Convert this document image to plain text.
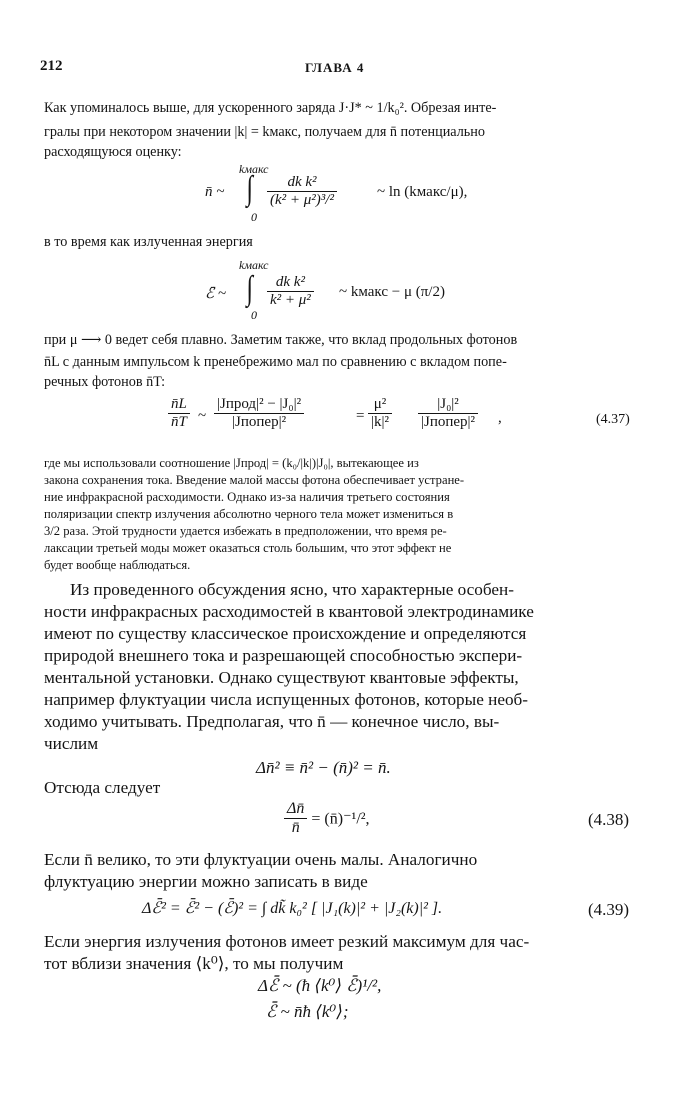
212	ГЛАВА 4
Как упоминалось выше, для ускоренного заряда J·J* ~ 1/k₀². Обрезая инте-
гралы при некотором значении |k| = kмакс, получаем для n̄ потенциально
расходящуюся оценку:
kмакс
0
n̄ ~ ∫ $\frac{\text{dk k²}}{\text{(k² + μ²)³/²}}$	~ ln (kмакс/μ),
в то время как излученная энергия
kмакс
0
ℰ̄ ~ ∫ $\frac{\text{dk k²}}{\text{k² + μ²}}$ ~ kмакс − μ (π/2)
при μ ⟶ 0 ведет себя плавно. Заметим также, что вклад продольных фотонов
n̄L с данным импульсом k пренебрежимо мал по сравнению с вкладом попе-
речных фотонов n̄T:
$\frac{n̄L}{n̄T}$ ~
|Jпрод|² − |J₀|²
|Jпопер|²	= $\frac{\text{μ²}}{\text{|k|²}}$	|J₀|²
|Jпопер|² ,	(4.37)
где мы использовали соотношение |Jпрод| = (k₀/|k|)|J₀|, вытекающее из
закона сохранения тока. Введение малой массы фотона обеспечивает устране-
ние инфракрасной расходимости. Однако из-за наличия третьего состояния
поляризации спектр излучения абсолютно черного тела может измениться в
3/2 раза. Этой трудности удается избежать в предположении, что время ре-
лаксации третьей моды может оказаться столь большим, что этот эффект не
будет вообще наблюдаться.
Из проведенного обсуждения ясно, что характерные особен-
ности инфракрасных расходимостей в квантовой электродинамике
имеют по существу классическое происхождение и определяются
природой внешнего тока и разрешающей способностью экспери-
ментальной установки. Однако существуют квантовые эффекты,
например флуктуации числа испущенных фотонов, которые необ-
ходимо учитывать. Предполагая, что n̄ — конечное число, вы-
числим
Δn̄² ≡ n̄² − (n̄)² = n̄.
Отсюда следует
$\frac{\Delta n̄}{n̄}$ = (n̄)⁻¹/²,	(4.38)
Если n̄ велико, то эти флуктуации очень малы. Аналогично
флуктуацию энергии можно записать в виде
Δℰ̄² = ℰ̄² − (ℰ̄)² = ∫ dk̃ k₀² [ |J₁(k)|² + |J₂(k)|² ].	(4.39)
Если энергия излучения фотонов имеет резкий максимум для час-
тот вблизи значения ⟨k⁰⟩, то мы получим
Δℰ̄ ~ (ħ ⟨k⁰⟩ ℰ̄)¹/²,
ℰ̄ ~ n̄ħ ⟨k⁰⟩;
